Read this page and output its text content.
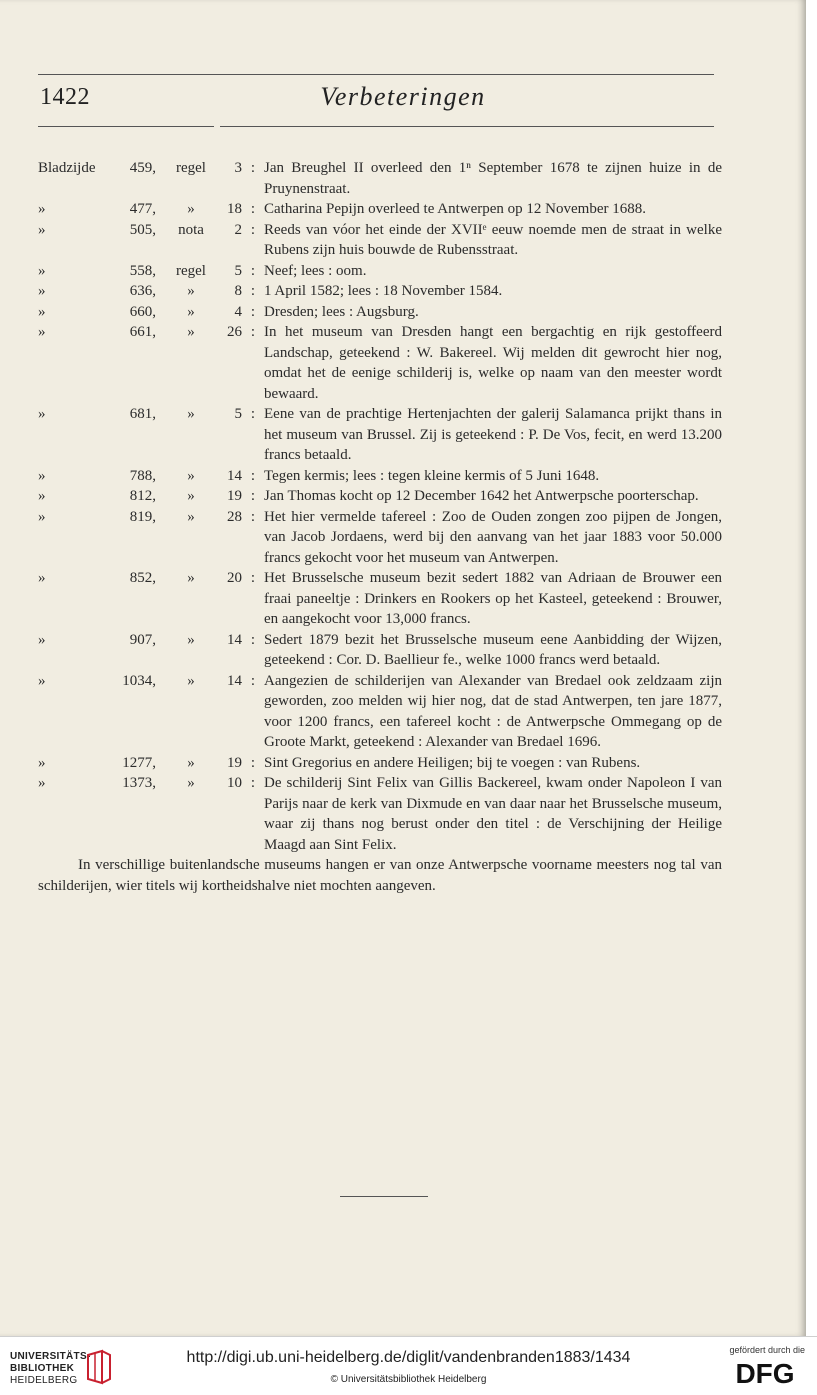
1422	Verbeteringen
Bladzijde	459,	regel	3 : Jan Breughel II overleed den 1ⁿ September 1678 te zijnen huize in de Pruynenstraat.
»	477,	»	18 : Catharina Pepijn overleed te Antwerpen op 12 November 1688.
»	505,	nota	2 : Reeds van vóor het einde der XVIIᵉ eeuw noemde men de straat in welke Rubens zijn huis bouwde de Rubensstraat.
»	558,	regel	5 : Neef; lees : oom.
»	636,	»	8 : 1 April 1582; lees : 18 November 1584.
»	660,	»	4 : Dresden; lees : Augsburg.
»	661,	»	26 : In het museum van Dresden hangt een bergachtig en rijk gestoffeerd Landschap, geteekend : W. Bakereel. Wij melden dit gewrocht hier nog, omdat het de eenige schilderij is, welke op naam van den meester wordt bewaard.
»	681,	»	5 : Eene van de prachtige Hertenjachten der galerij Salamanca prijkt thans in het museum van Brussel. Zij is geteekend : P. De Vos, fecit, en werd 13.200 francs betaald.
»	788,	»	14 : Tegen kermis; lees : tegen kleine kermis of 5 Juni 1648.
»	812,	»	19 : Jan Thomas kocht op 12 December 1642 het Antwerpsche poorterschap.
»	819,	»	28 : Het hier vermelde tafereel : Zoo de Ouden zongen zoo pijpen de Jongen, van Jacob Jordaens, werd bij den aanvang van het jaar 1883 voor 50.000 francs gekocht voor het museum van Antwerpen.
»	852,	»	20 : Het Brusselsche museum bezit sedert 1882 van Adriaan de Brouwer een fraai paneeltje : Drinkers en Rookers op het Kasteel, geteekend : Brouwer, en aangekocht voor 13,000 francs.
»	907,	»	14 : Sedert 1879 bezit het Brusselsche museum eene Aanbidding der Wijzen, geteekend : Cor. D. Baellieur fe., welke 1000 francs werd betaald.
»	1034,	»	14 : Aangezien de schilderijen van Alexander van Bredael ook zeldzaam zijn geworden, zoo melden wij hier nog, dat de stad Antwerpen, ten jare 1877, voor 1200 francs, een tafereel kocht : de Antwerpsche Ommegang op de Groote Markt, geteekend : Alexander van Bredael 1696.
»	1277,	»	19 : Sint Gregorius en andere Heiligen; bij te voegen : van Rubens.
»	1373,	»	10 : De schilderij Sint Felix van Gillis Backereel, kwam onder Napoleon I van Parijs naar de kerk van Dixmude en van daar naar het Brusselsche museum, waar zij thans nog berust onder den titel : de Verschijning der Heilige Maagd aan Sint Felix.

In verschillige buitenlandsche museums hangen er van onze Antwerpsche voorname meesters nog tal van schilderijen, wier titels wij kortheidshalve niet mochten aangeven.

UNIVERSITÄTS-
BIBLIOTHEK
HEIDELBERG
http://digi.ub.uni-heidelberg.de/diglit/vandenbranden1883/1434
© Universitätsbibliothek Heidelberg
gefördert durch die
DFG
